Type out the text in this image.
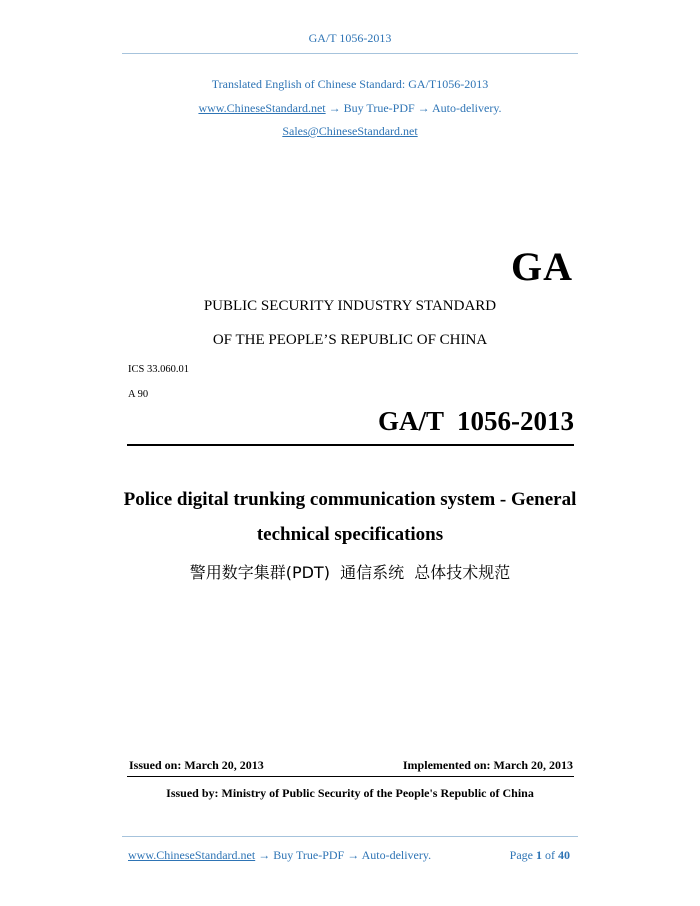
GA/T 1056-2013
Translated English of Chinese Standard: GA/T1056-2013
www.ChineseStandard.net → Buy True-PDF → Auto-delivery.
Sales@ChineseStandard.net
GA
PUBLIC SECURITY INDUSTRY STANDARD
OF THE PEOPLE’S REPUBLIC OF CHINA
ICS 33.060.01
A 90
GA/T  1056-2013
Police digital trunking communication system - General
technical specifications
警用数字集群(PDT)  通信系统  总体技术规范
Issued on: March 20, 2013	Implemented on: March 20, 2013
Issued by: Ministry of Public Security of the People's Republic of China
www.ChineseStandard.net → Buy True-PDF → Auto-delivery.	Page 1 of 40
